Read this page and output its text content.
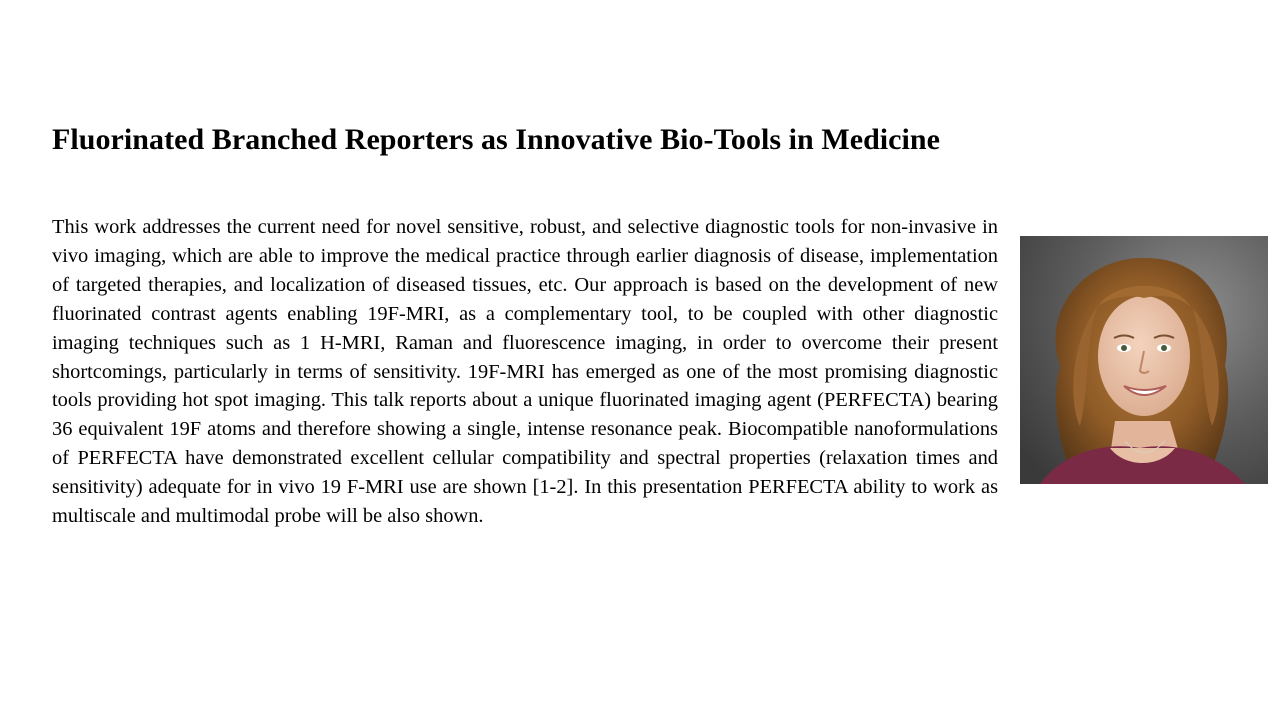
Fluorinated Branched Reporters as Innovative Bio-Tools in Medicine

This work addresses the current need for novel sensitive, robust, and selective diagnostic tools for non-invasive in vivo imaging, which are able to improve the medical practice through earlier diagnosis of disease, implementation of targeted therapies, and localization of diseased tissues, etc. Our approach is based on the development of new fluorinated contrast agents enabling 19F-MRI, as a complementary tool, to be coupled with other diagnostic imaging techniques such as 1 H-MRI, Raman and fluorescence imaging, in order to overcome their present shortcomings, particularly in terms of sensitivity. 19F-MRI has emerged as one of the most promising diagnostic tools providing hot spot imaging. This talk reports about a unique fluorinated imaging agent (PERFECTA) bearing 36 equivalent 19F atoms and therefore showing a single, intense resonance peak. Biocompatible nanoformulations of PERFECTA have demonstrated excellent cellular compatibility and spectral properties (relaxation times and sensitivity) adequate for in vivo 19 F-MRI use are shown [1-2]. In this presentation PERFECTA ability to work as multiscale and multimodal probe will be also shown.
